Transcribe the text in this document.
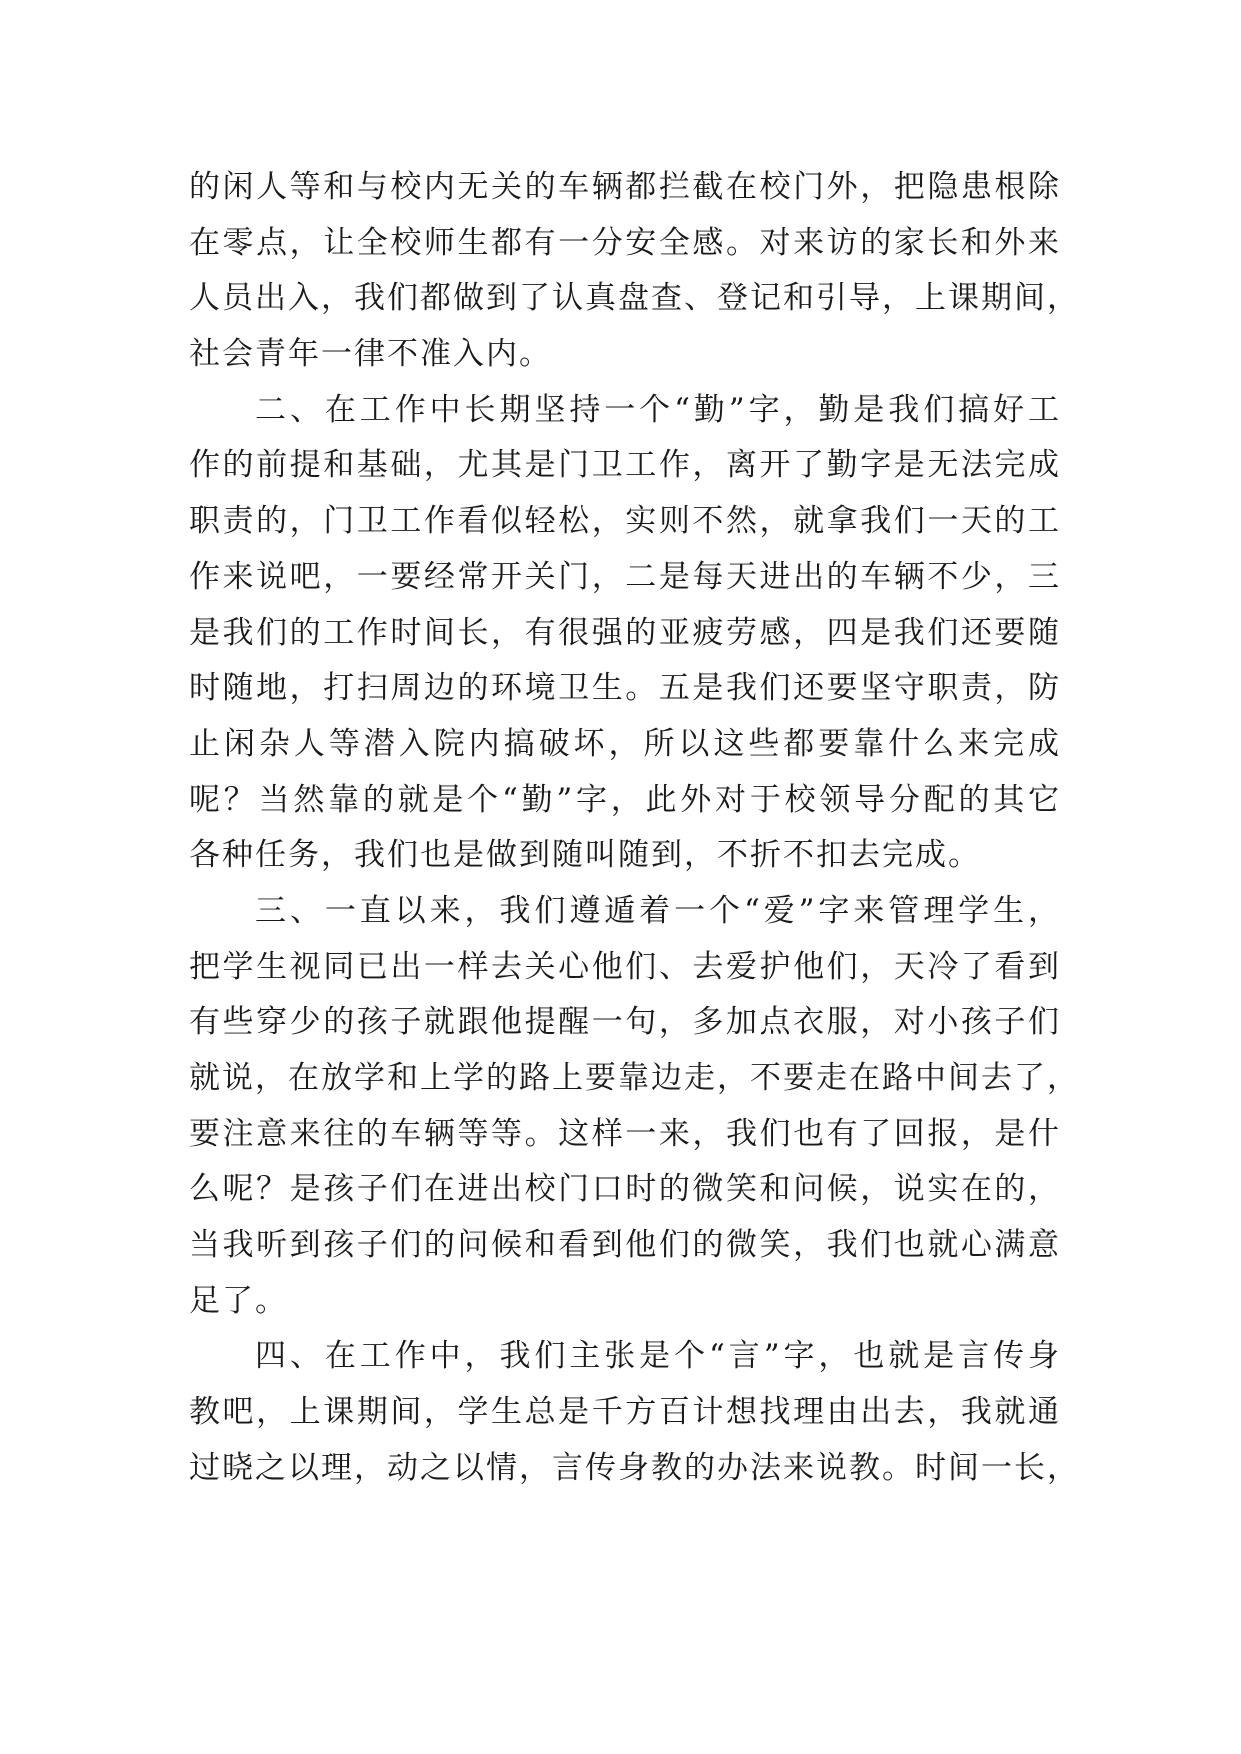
的闲人等和与校内无关的车辆都拦截在校门外，把隐患根除
在零点，让全校师生都有一分安全感。对来访的家长和外来
人员出入，我们都做到了认真盘查、登记和引导，上课期间，
社会青年一律不准入内。
二、在工作中长期坚持一个“勤”字，勤是我们搞好工
作的前提和基础，尤其是门卫工作，离开了勤字是无法完成
职责的，门卫工作看似轻松，实则不然，就拿我们一天的工
作来说吧，一要经常开关门，二是每天进出的车辆不少，三
是我们的工作时间长，有很强的亚疲劳感，四是我们还要随
时随地，打扫周边的环境卫生。五是我们还要坚守职责，防
止闲杂人等潜入院内搞破坏，所以这些都要靠什么来完成
呢？当然靠的就是个“勤”字，此外对于校领导分配的其它
各种任务，我们也是做到随叫随到，不折不扣去完成。
三、一直以来，我们遵遁着一个“爱”字来管理学生，
把学生视同已出一样去关心他们、去爱护他们，天冷了看到
有些穿少的孩子就跟他提醒一句，多加点衣服，对小孩子们
就说，在放学和上学的路上要靠边走，不要走在路中间去了，
要注意来往的车辆等等。这样一来，我们也有了回报，是什
么呢？是孩子们在进出校门口时的微笑和问候，说实在的，
当我听到孩子们的问候和看到他们的微笑，我们也就心满意
足了。
四、在工作中，我们主张是个“言”字，也就是言传身
教吧，上课期间，学生总是千方百计想找理由出去，我就通
过晓之以理，动之以情，言传身教的办法来说教。时间一长，
